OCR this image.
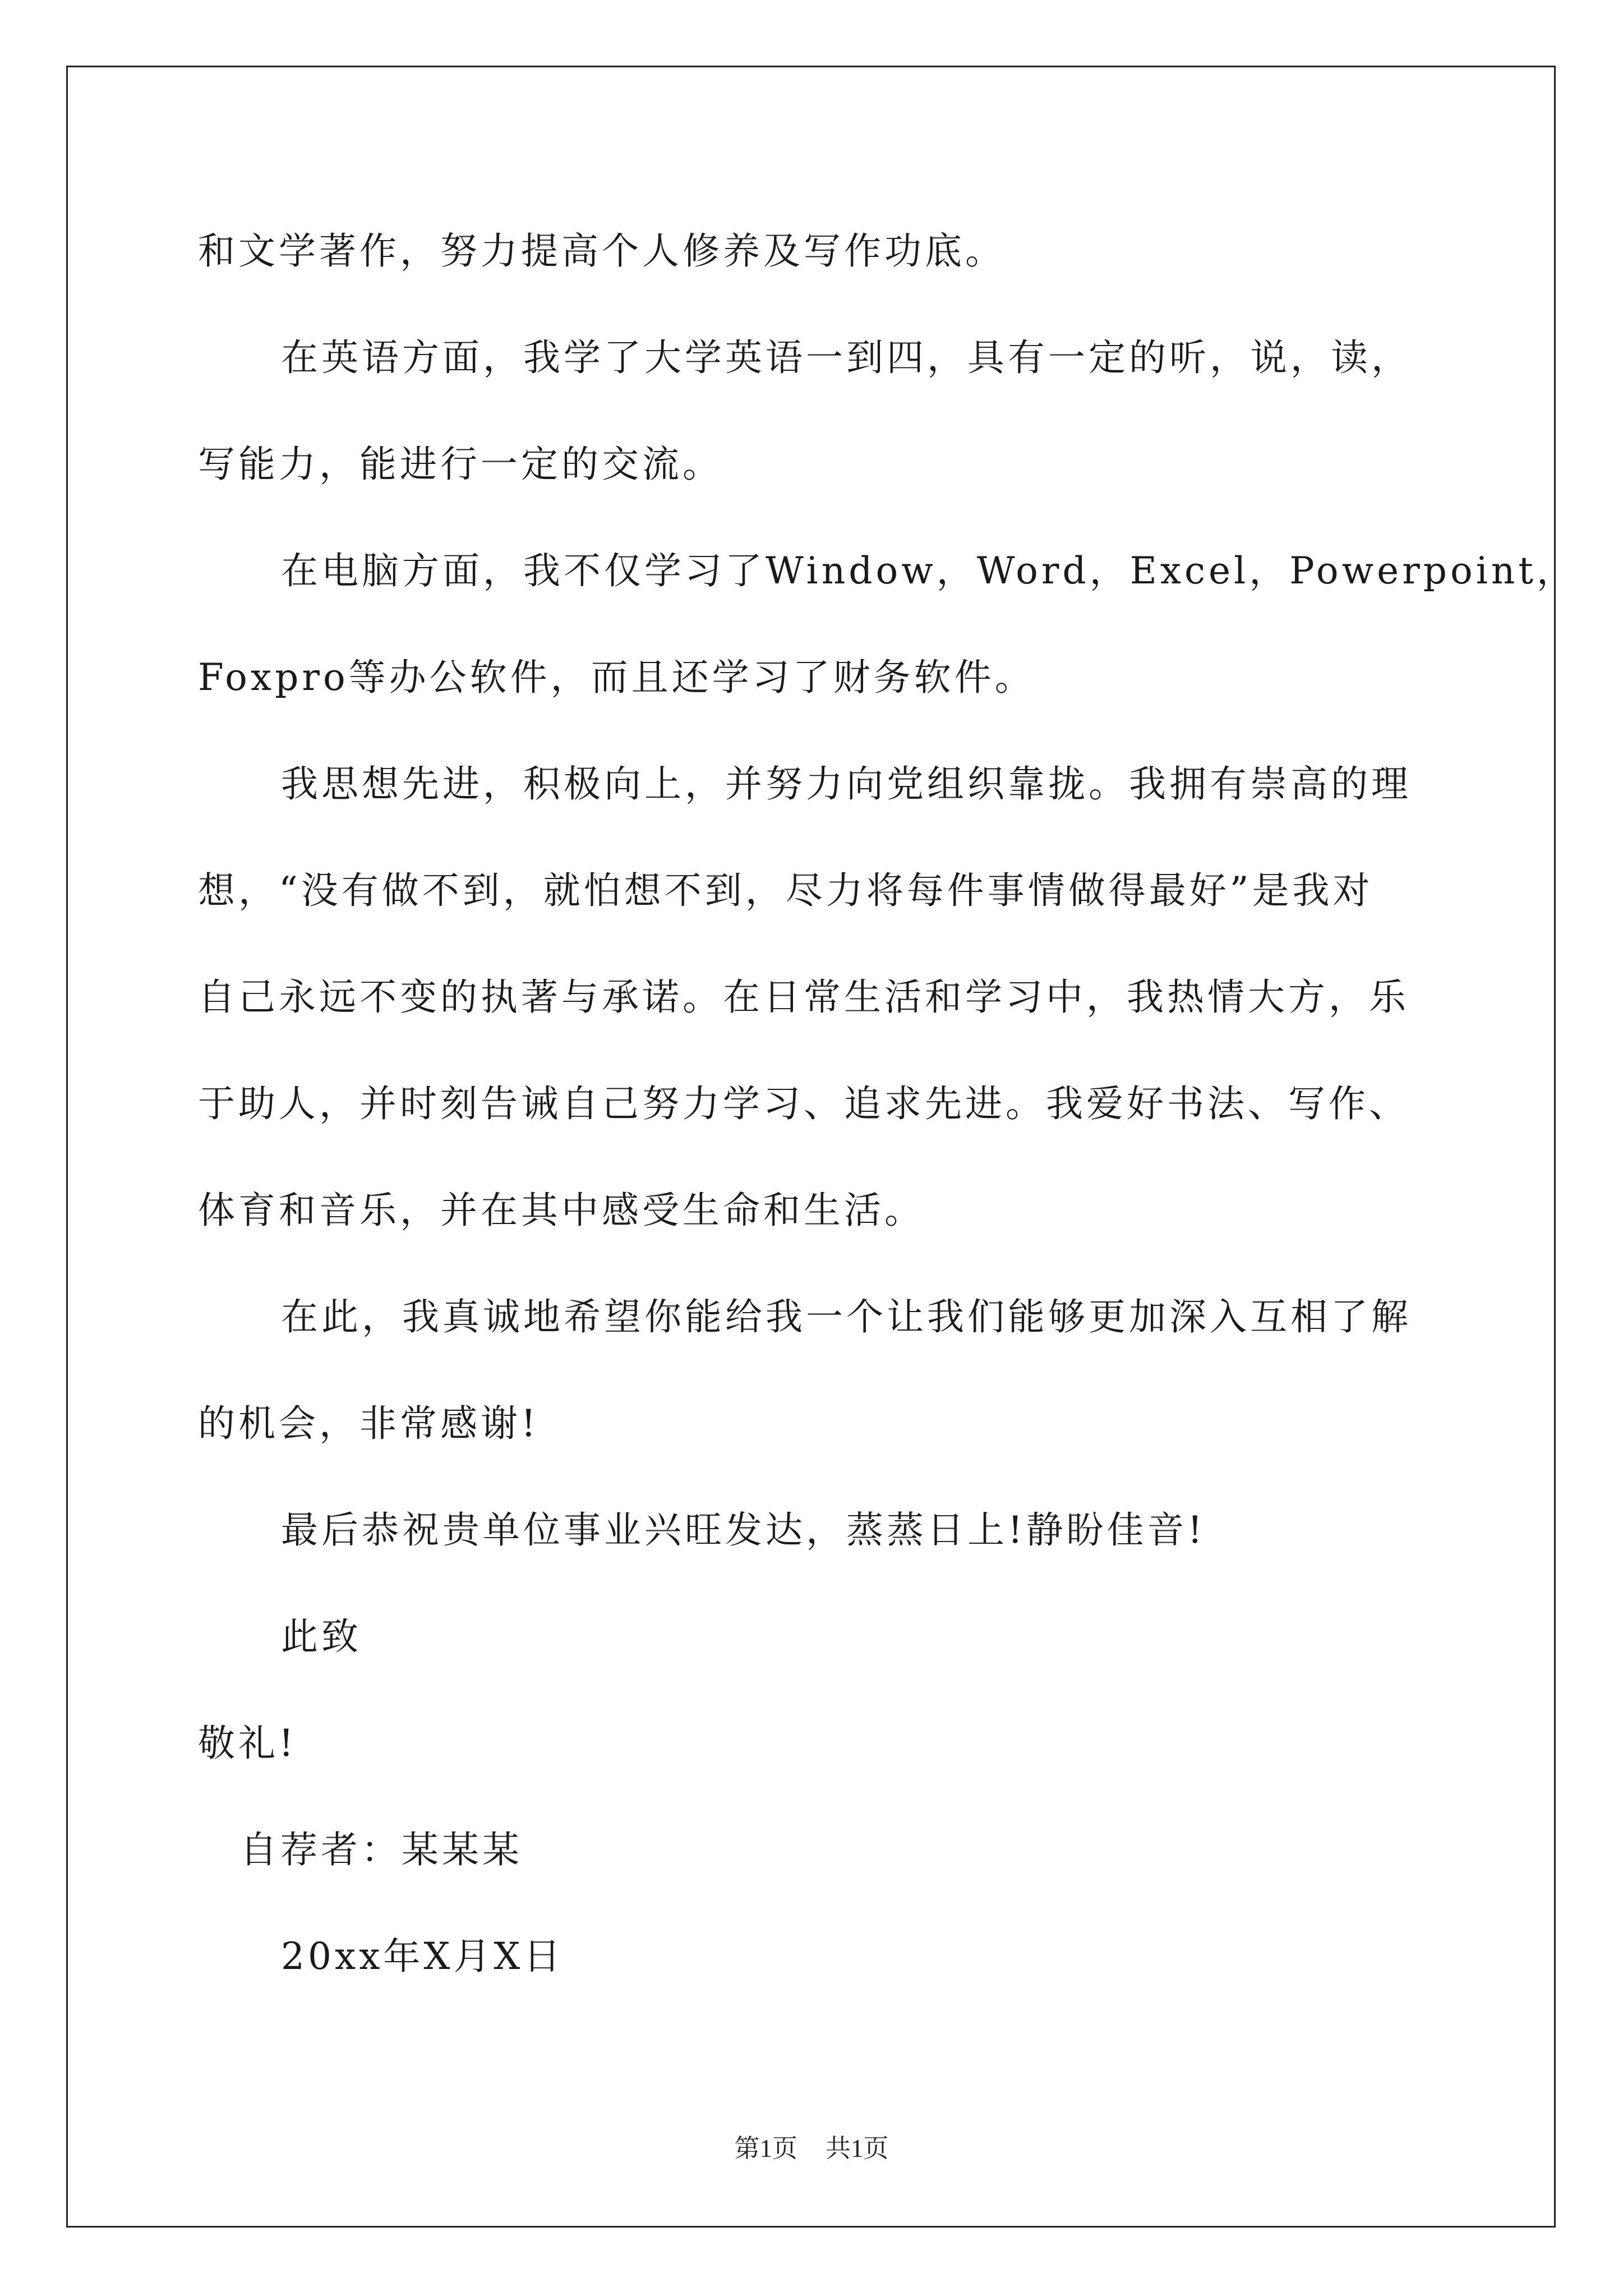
和文学著作，努力提高个人修养及写作功底。
在英语方面，我学了大学英语一到四，具有一定的听，说，读，
写能力，能进行一定的交流。
在电脑方面，我不仅学习了Window，Word，Excel，Powerpoint，
Foxpro等办公软件，而且还学习了财务软件。
我思想先进，积极向上，并努力向党组织靠拢。我拥有崇高的理
想，“没有做不到，就怕想不到，尽力将每件事情做得最好”是我对
自己永远不变的执著与承诺。在日常生活和学习中，我热情大方，乐
于助人，并时刻告诫自己努力学习、追求先进。我爱好书法、写作、
体育和音乐，并在其中感受生命和生活。
在此，我真诚地希望你能给我一个让我们能够更加深入互相了解
的机会，非常感谢!
最后恭祝贵单位事业兴旺发达，蒸蒸日上!静盼佳音!
此致
敬礼!
自荐者：某某某
20xx年X月X日
第1页 共1页
